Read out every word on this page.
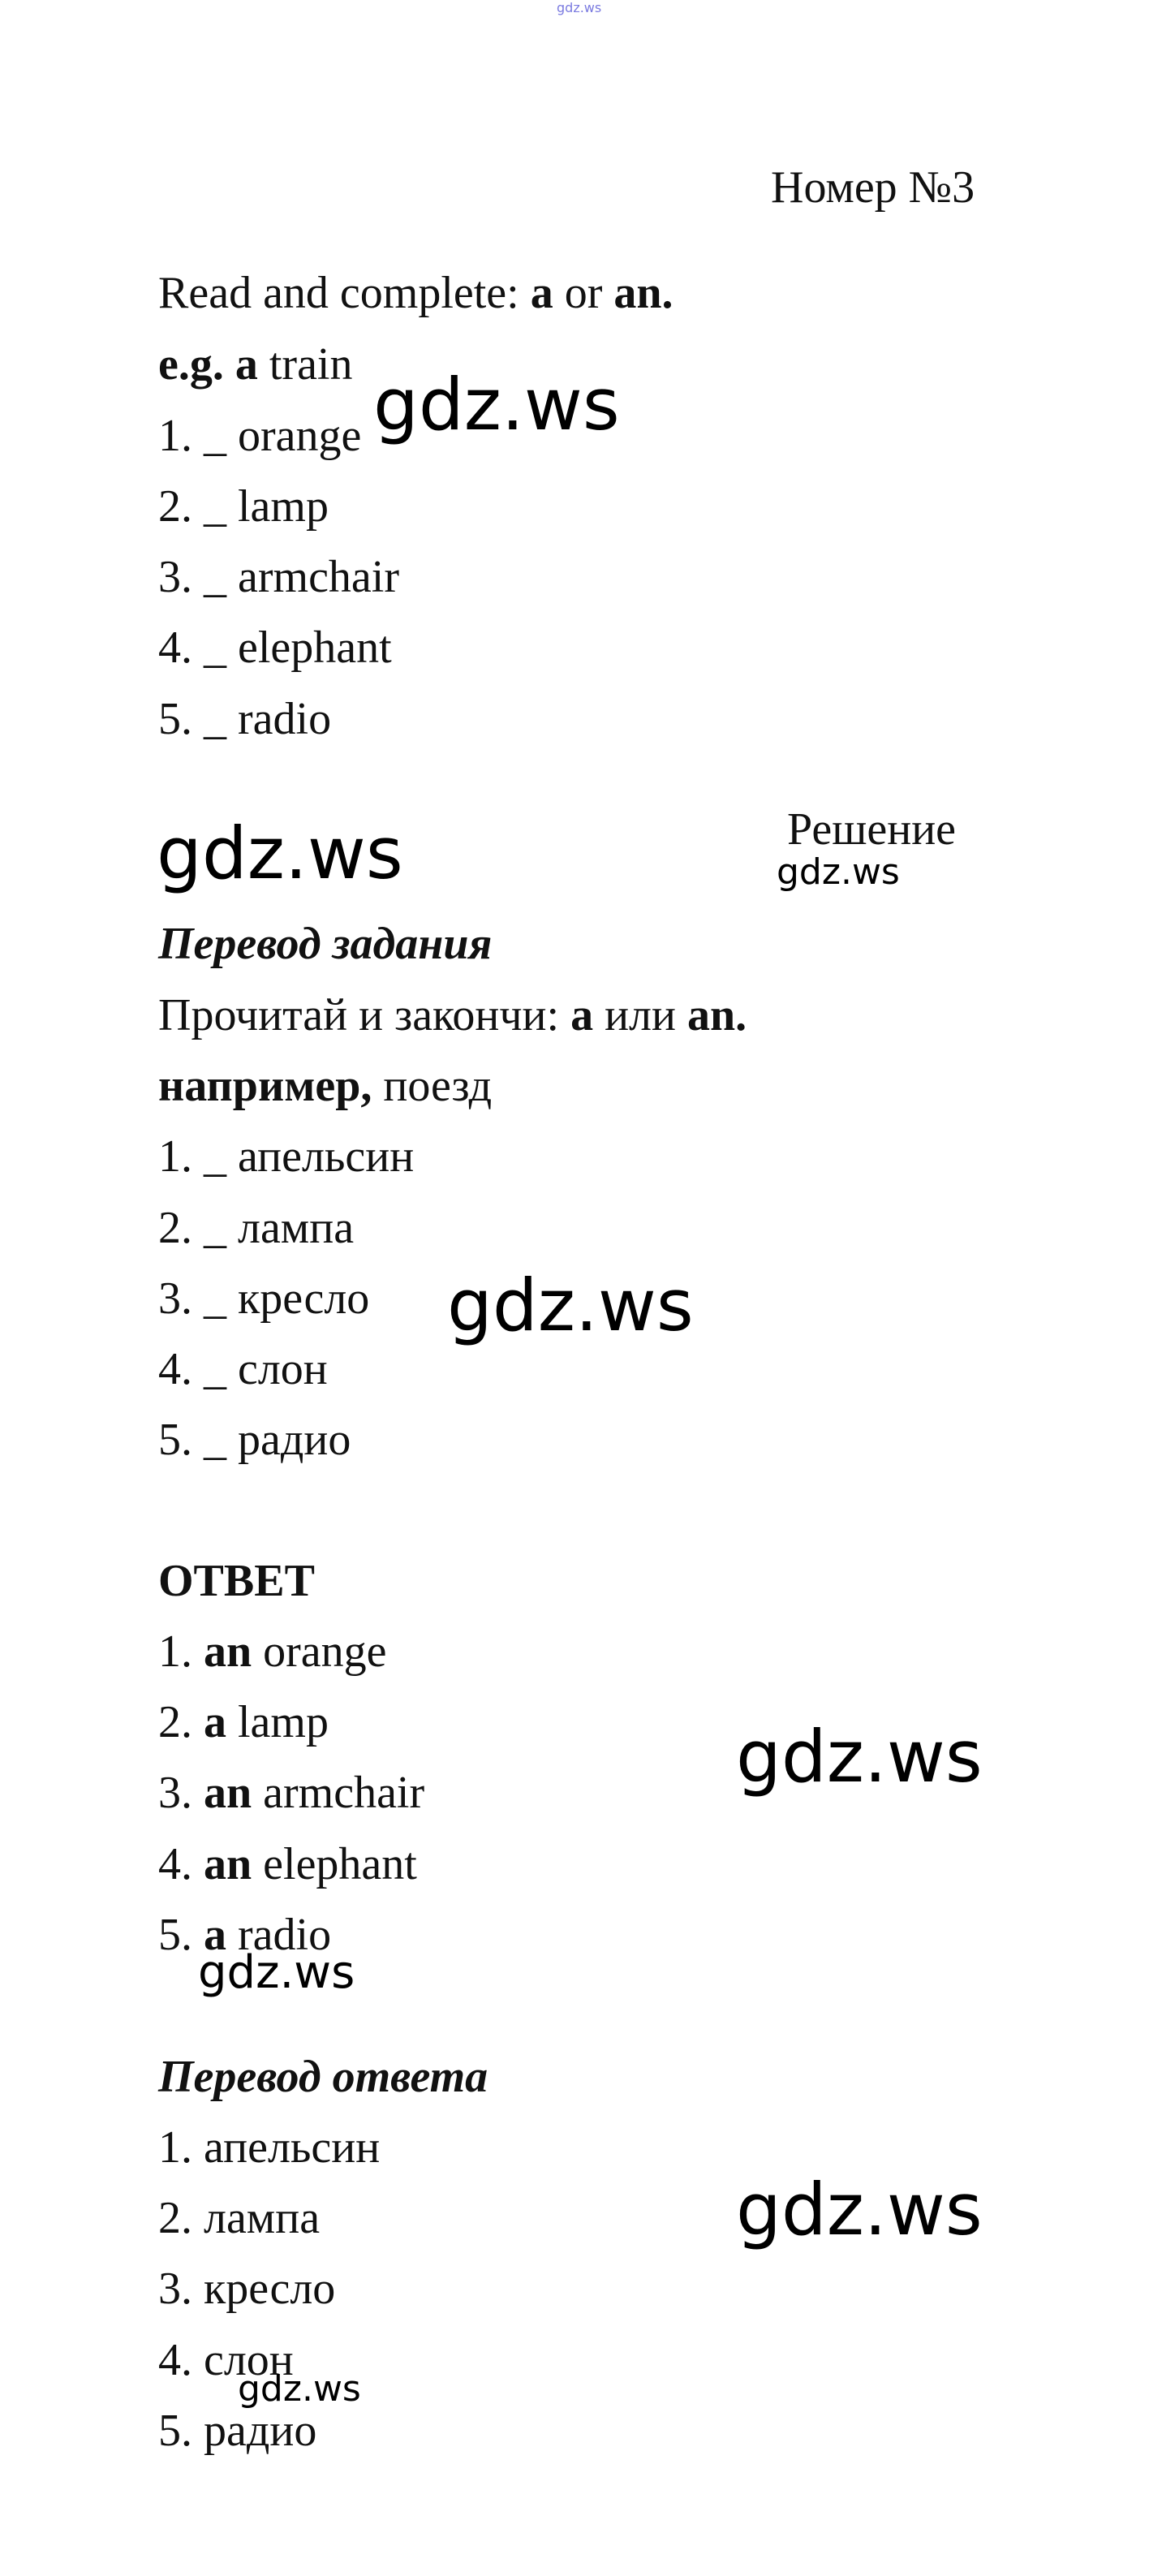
gdz.ws
Номер №3
Read and complete: a or an.
e.g. a train
1. _ orange
2. _ lamp
3. _ armchair
4. _ elephant
5. _ radio
Решение
Перевод задания
Прочитай и закончи: a или an.
например, поезд
1. _ апельсин
2. _ лампа
3. _ кресло
4. _ слон
5. _ радио
ОТВЕТ
1. an orange
2. a lamp
3. an armchair
4. an elephant
5. a radio
Перевод ответа
1. апельсин
2. лампа
3. кресло
4. слон
5. радио
gdz.ws
gdz.ws	gdz.ws
gdz.ws
gdz.ws
gdz.ws
gdz.ws
gdz.ws
